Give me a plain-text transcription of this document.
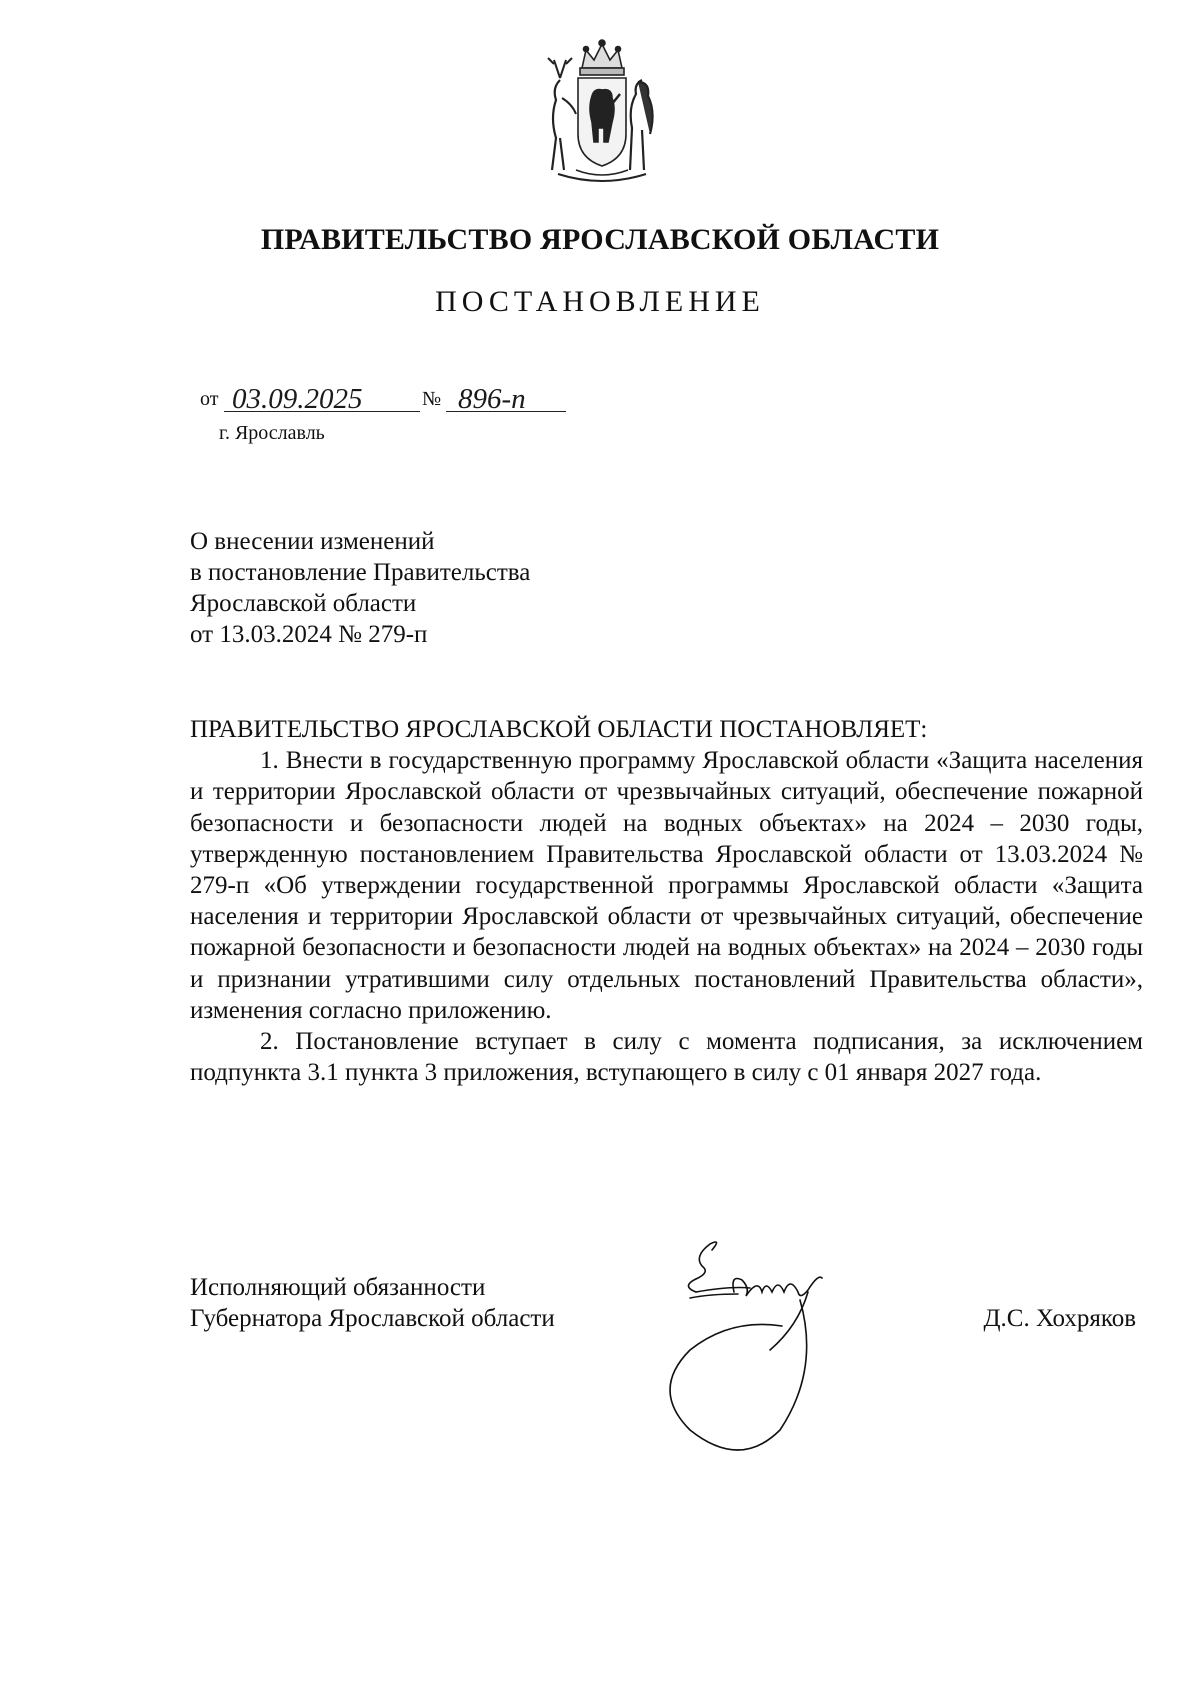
ПРАВИТЕЛЬСТВО ЯРОСЛАВСКОЙ ОБЛАСТИ
ПОСТАНОВЛЕНИЕ
от 03.09.2025	№ 896-п
г. Ярославль
О внесении изменений
в постановление Правительства
Ярославской области
от 13.03.2024 № 279-п
ПРАВИТЕЛЬСТВО ЯРОСЛАВСКОЙ ОБЛАСТИ ПОСТАНОВЛЯЕТ:

1. Внести в государственную программу Ярославской области «Защита населения и территории Ярославской области от чрезвычайных ситуаций, обеспечение пожарной безопасности и безопасности людей на водных объектах» на 2024 – 2030 годы, утвержденную постановлением Правительства Ярославской области от 13.03.2024 № 279-п «Об утверждении государственной программы Ярославской области «Защита населения и территории Ярославской области от чрезвычайных ситуаций, обеспечение пожарной безопасности и безопасности людей на водных объектах» на 2024 – 2030 годы и признании утратившими силу отдельных постановлений Правительства области», изменения согласно приложению.

2. Постановление вступает в силу с момента подписания, за исключением подпункта 3.1 пункта 3 приложения, вступающего в силу с 01 января 2027 года.

Исполняющий обязанности
Губернатора Ярославской области	Д.С. Хохряков
